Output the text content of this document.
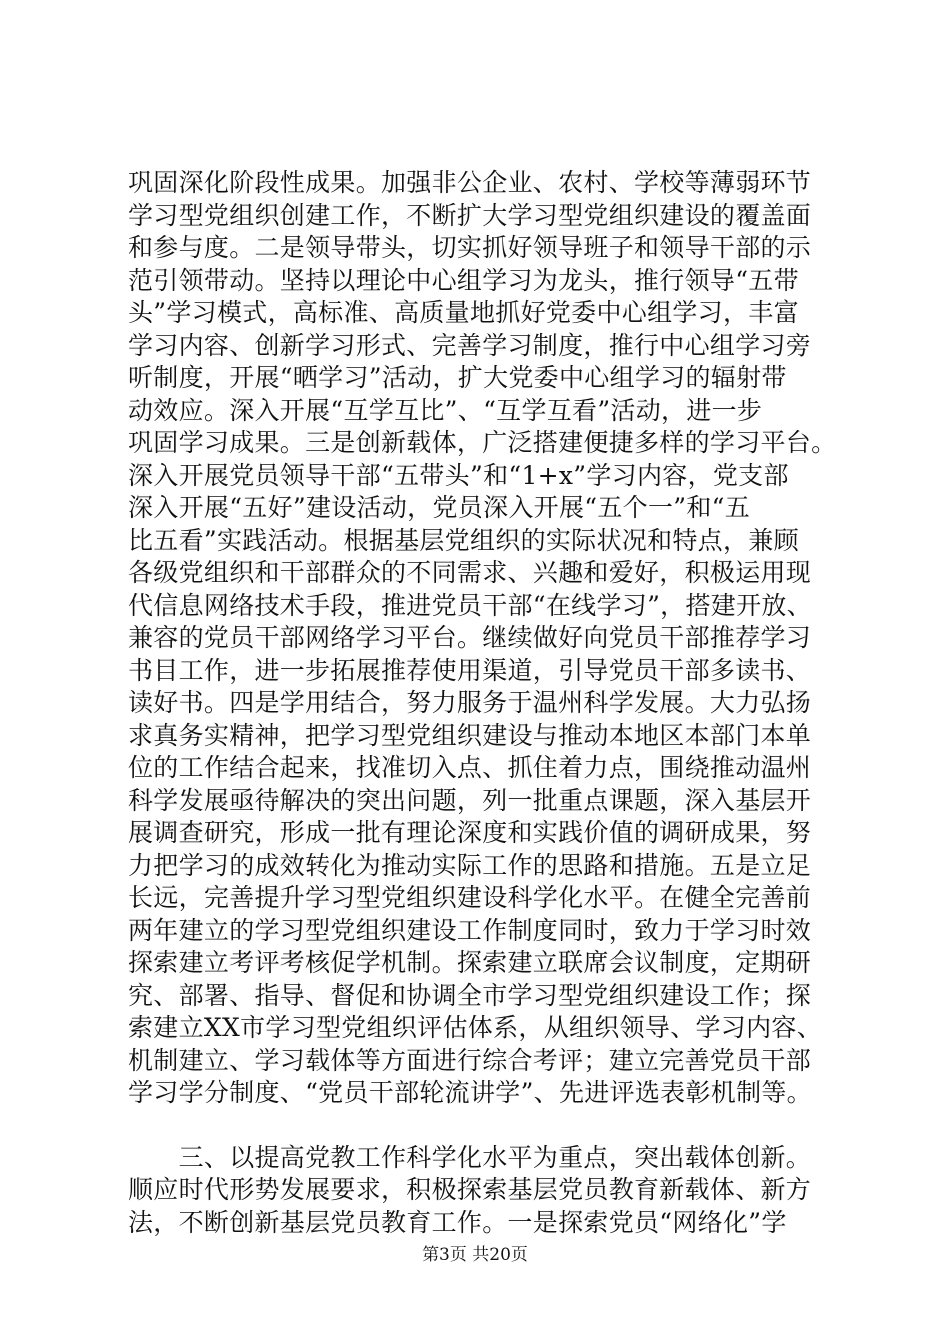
巩固深化阶段性成果。加强非公企业、农村、学校等薄弱环节
学习型党组织创建工作，不断扩大学习型党组织建设的覆盖面
和参与度。二是领导带头，切实抓好领导班子和领导干部的示
范引领带动。坚持以理论中心组学习为龙头，推行领导“五带
头”学习模式，高标准、高质量地抓好党委中心组学习，丰富
学习内容、创新学习形式、完善学习制度，推行中心组学习旁
听制度，开展“晒学习”活动，扩大党委中心组学习的辐射带
动效应。深入开展“互学互比”、“互学互看”活动，进一步
巩固学习成果。三是创新载体，广泛搭建便捷多样的学习平台。
深入开展党员领导干部“五带头”和“1+x”学习内容，党支部
深入开展“五好”建设活动，党员深入开展“五个一”和“五
比五看”实践活动。根据基层党组织的实际状况和特点，兼顾
各级党组织和干部群众的不同需求、兴趣和爱好，积极运用现
代信息网络技术手段，推进党员干部“在线学习”，搭建开放、
兼容的党员干部网络学习平台。继续做好向党员干部推荐学习
书目工作，进一步拓展推荐使用渠道，引导党员干部多读书、
读好书。四是学用结合，努力服务于温州科学发展。大力弘扬
求真务实精神，把学习型党组织建设与推动本地区本部门本单
位的工作结合起来，找准切入点、抓住着力点，围绕推动温州
科学发展亟待解决的突出问题，列一批重点课题，深入基层开
展调查研究，形成一批有理论深度和实践价值的调研成果，努
力把学习的成效转化为推动实际工作的思路和措施。五是立足
长远，完善提升学习型党组织建设科学化水平。在健全完善前
两年建立的学习型党组织建设工作制度同时，致力于学习时效
探索建立考评考核促学机制。探索建立联席会议制度，定期研
究、部署、指导、督促和协调全市学习型党组织建设工作；探
索建立XX市学习型党组织评估体系，从组织领导、学习内容、
机制建立、学习载体等方面进行综合考评；建立完善党员干部
学习学分制度、“党员干部轮流讲学”、先进评选表彰机制等。
　　三、以提高党教工作科学化水平为重点，突出载体创新。
顺应时代形势发展要求，积极探索基层党员教育新载体、新方
法，不断创新基层党员教育工作。一是探索党员“网络化”学
第3页 共20页
